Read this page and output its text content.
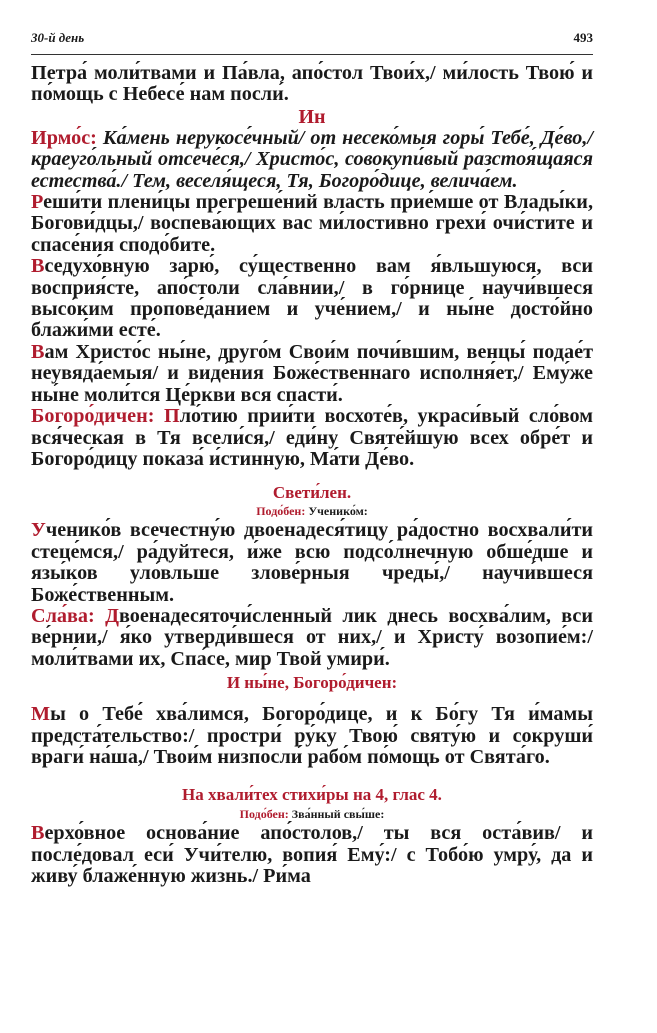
30-й день	493

Петра́ моли́твами и Па́вла, апо́стол Твои́х,/ ми́лость Твою́ и по́мощь с Небесе́ нам посли́.

Ин

Ирмо́с: Ка́мень нерукосе́чный/ от несеко́мыя горы́ Тебе́, Де́во,/ краеуго́льный отсече́ся,/ Христо́с, совокупи́вый разстоя́щаяся естества́./ Тем, веселя́щеся, Тя, Богоро́дице, велича́ем.

Реши́ти плени́цы прегреше́ний власть прие́мше от Влады́ки, Богови́дцы,/ воспева́ющих вас ми́лостивно грехи́ очи́стите и спасе́ния сподо́бите.

Вседухо́вную зарю́, су́щественно вам я́вльшуюся, вси восприя́сте, апо́столи сла́внии,/ в го́рнице научи́вшеся высо́ким пропове́данием и уче́нием,/ и ны́не досто́йно блажи́ми есте́.

Вам Христо́с ны́не, друго́м Свои́м почи́вшим, венцы́ подае́т неувяда́емыя/ и виде́ния Боже́ственнаго исполня́ет,/ Ему́же ны́не моли́тся Це́ркви вся спасти́.

Богоро́дичен: Пло́тию прии́ти восхоте́в, украси́вый сло́вом вся́ческая в Тя всели́ся,/ еди́ну Святе́йшую всех обре́т и Богоро́дицу показа́ и́стинную, Ма́ти Де́во.

Свети́лен.
Подо́бен: Ученико́м:

Ученико́в всечестну́ю двоенадеся́тицу ра́достно восхвали́ти стеце́мся,/ ра́дуйтеся, и́же всю подсо́лнечную обше́дше и язы́ков уло́вльше злове́рныя чреды́,/ научи́вшеся Боже́ственным.

Сла́ва: Двоенадесяточи́сленный лик днесь восхва́лим, вси ве́рнии,/ я́ко утверди́вшеся от них,/ и Христу́ возопие́м:/ моли́твами их, Спа́се, мир Твой умири́.

И ны́не, Богоро́дичен:

Мы о Тебе́ хва́лимся, Богоро́дице, и к Бо́гу Тя и́мамы предста́тельство:/ простри́ ру́ку Твою́ святу́ю и сокруши́ враги́ на́ша,/ Твои́м низпосли́ рабо́м по́мощь от Свята́го.

На хвали́тех стихи́ры на 4, глас 4.
Подо́бен: Зва́нный свы́ше:

Верхо́вное основа́ние апо́столов,/ ты вся оста́вив/ и после́довал еси́ Учи́телю, вопия́ Ему́:/ с Тобо́ю умру́, да и живу́ блаже́нную жизнь./ Ри́ма
